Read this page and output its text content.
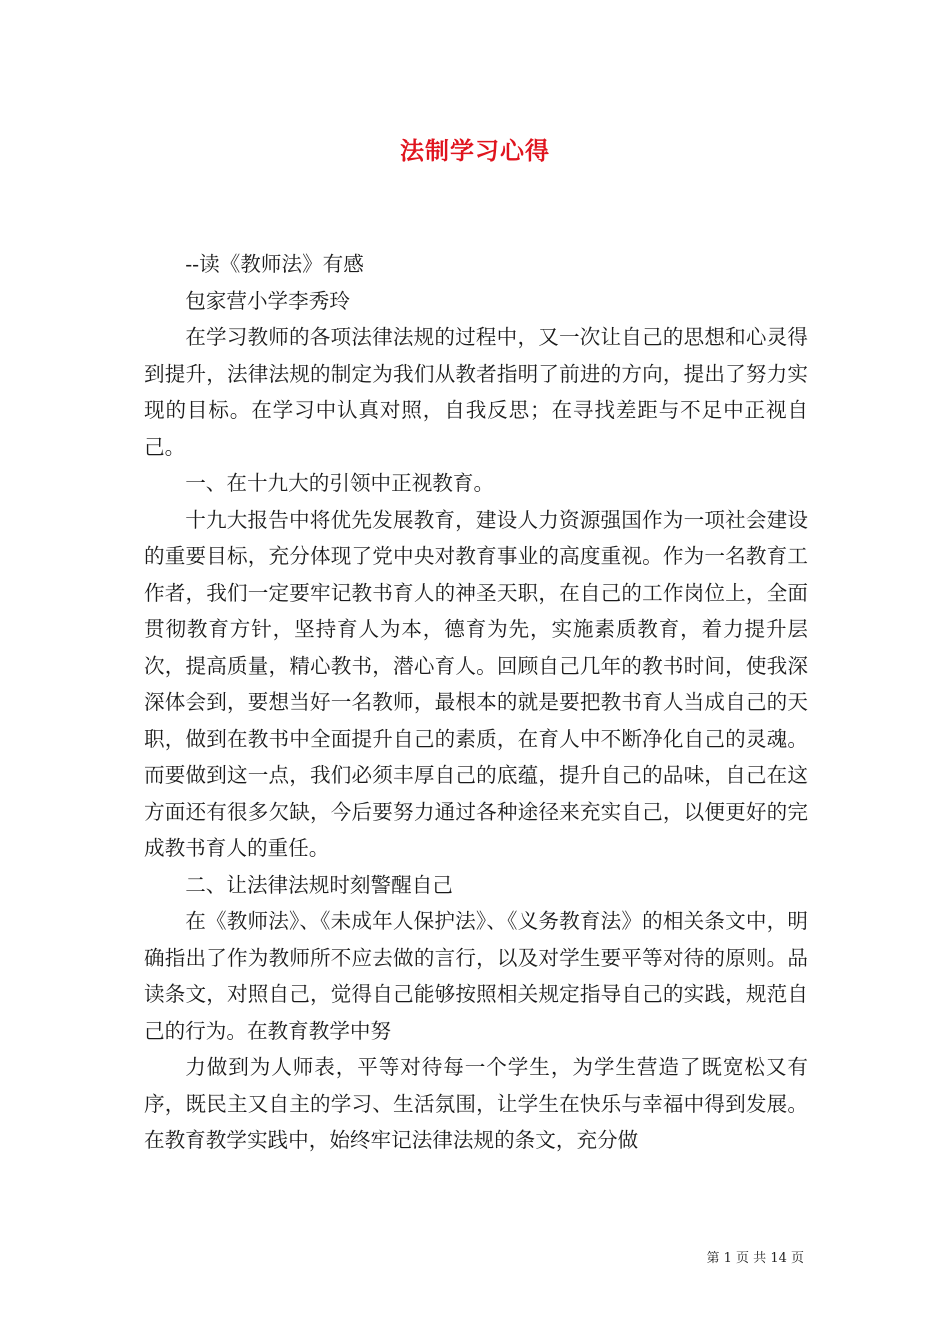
法制学习心得

--读《教师法》有感

包家营小学李秀玲

在学习教师的各项法律法规的过程中，又一次让自己的思想和心灵得到提升，法律法规的制定为我们从教者指明了前进的方向，提出了努力实现的目标。在学习中认真对照，自我反思；在寻找差距与不足中正视自己。

一、在十九大的引领中正视教育。

十九大报告中将优先发展教育，建设人力资源强国作为一项社会建设的重要目标，充分体现了党中央对教育事业的高度重视。作为一名教育工作者，我们一定要牢记教书育人的神圣天职，在自己的工作岗位上，全面贯彻教育方针，坚持育人为本，德育为先，实施素质教育，着力提升层次，提高质量，精心教书，潜心育人。回顾自己几年的教书时间，使我深深体会到，要想当好一名教师，最根本的就是要把教书育人当成自己的天职，做到在教书中全面提升自己的素质，在育人中不断净化自己的灵魂。而要做到这一点，我们必须丰厚自己的底蕴，提升自己的品味，自己在这方面还有很多欠缺，今后要努力通过各种途径来充实自己，以便更好的完成教书育人的重任。

二、让法律法规时刻警醒自己

在《教师法》、《未成年人保护法》、《义务教育法》的相关条文中，明确指出了作为教师所不应去做的言行，以及对学生要平等对待的原则。品读条文，对照自己，觉得自己能够按照相关规定指导自己的实践，规范自己的行为。在教育教学中努

力做到为人师表，平等对待每一个学生，为学生营造了既宽松又有序，既民主又自主的学习、生活氛围，让学生在快乐与幸福中得到发展。在教育教学实践中，始终牢记法律法规的条文，充分做

第 1 页 共 14 页
